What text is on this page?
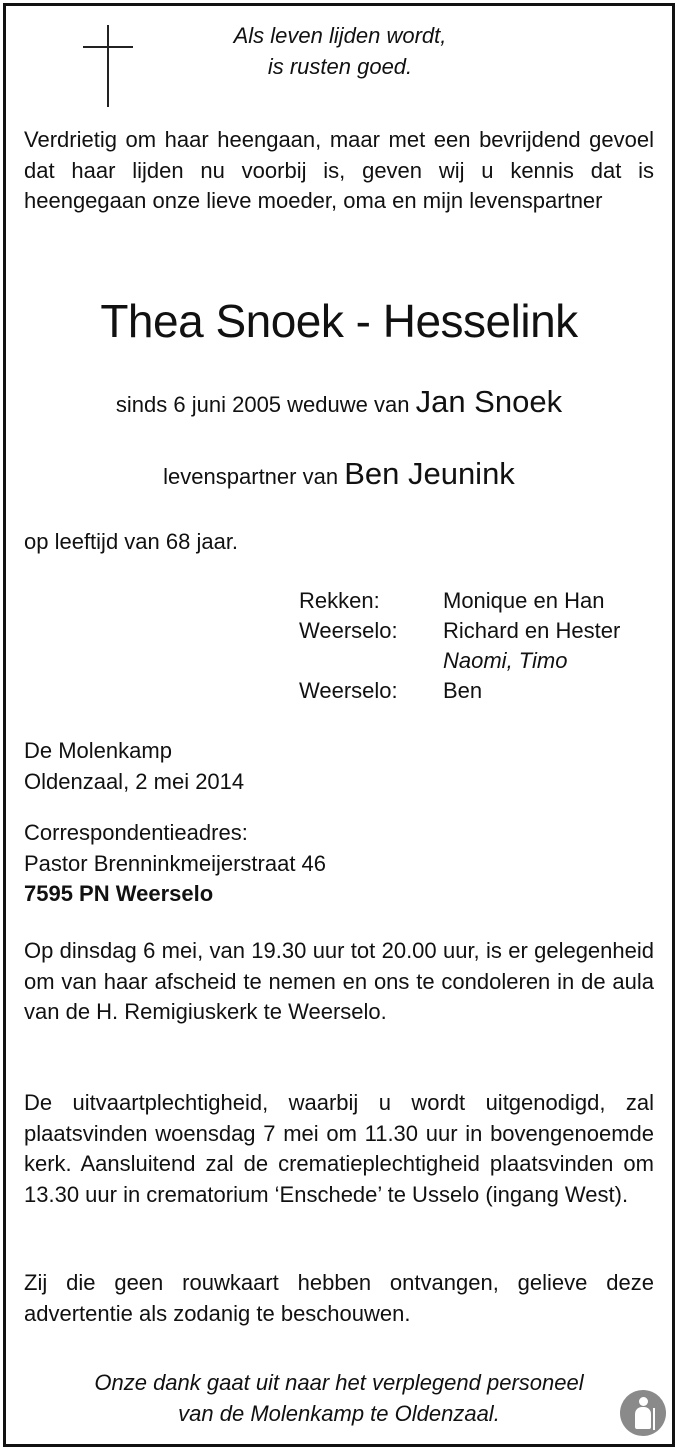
Als leven lijden wordt,
is rusten goed.
Verdrietig om haar heengaan, maar met een bevrijdend gevoel dat haar lijden nu voorbij is, geven wij u kennis dat is heengegaan onze lieve moeder, oma en mijn levenspartner
Thea Snoek - Hesselink
sinds 6 juni 2005 weduwe van Jan Snoek
levenspartner van Ben Jeunink
op leeftijd van 68 jaar.
Rekken:	Monique en Han
Weerselo: Richard en Hester
Naomi, Timo
Weerselo: Ben
De Molenkamp
Oldenzaal, 2 mei 2014
Correspondentieadres:
Pastor Brenninkmeijerstraat 46
7595 PN Weerselo
Op dinsdag 6 mei, van 19.30 uur tot 20.00 uur, is er gelegenheid om van haar afscheid te nemen en ons te condoleren in de aula van de H. Remigiuskerk te Weerselo.
De uitvaartplechtigheid, waarbij u wordt uitgenodigd, zal plaatsvinden woensdag 7 mei om 11.30 uur in bovengenoemde kerk. Aansluitend zal de crematieplechtigheid plaatsvinden om 13.30 uur in crematorium ‘Enschede’ te Usselo (ingang West).
Zij die geen rouwkaart hebben ontvangen, gelieve deze advertentie als zodanig te beschouwen.
Onze dank gaat uit naar het verplegend personeel
van de Molenkamp te Oldenzaal.
